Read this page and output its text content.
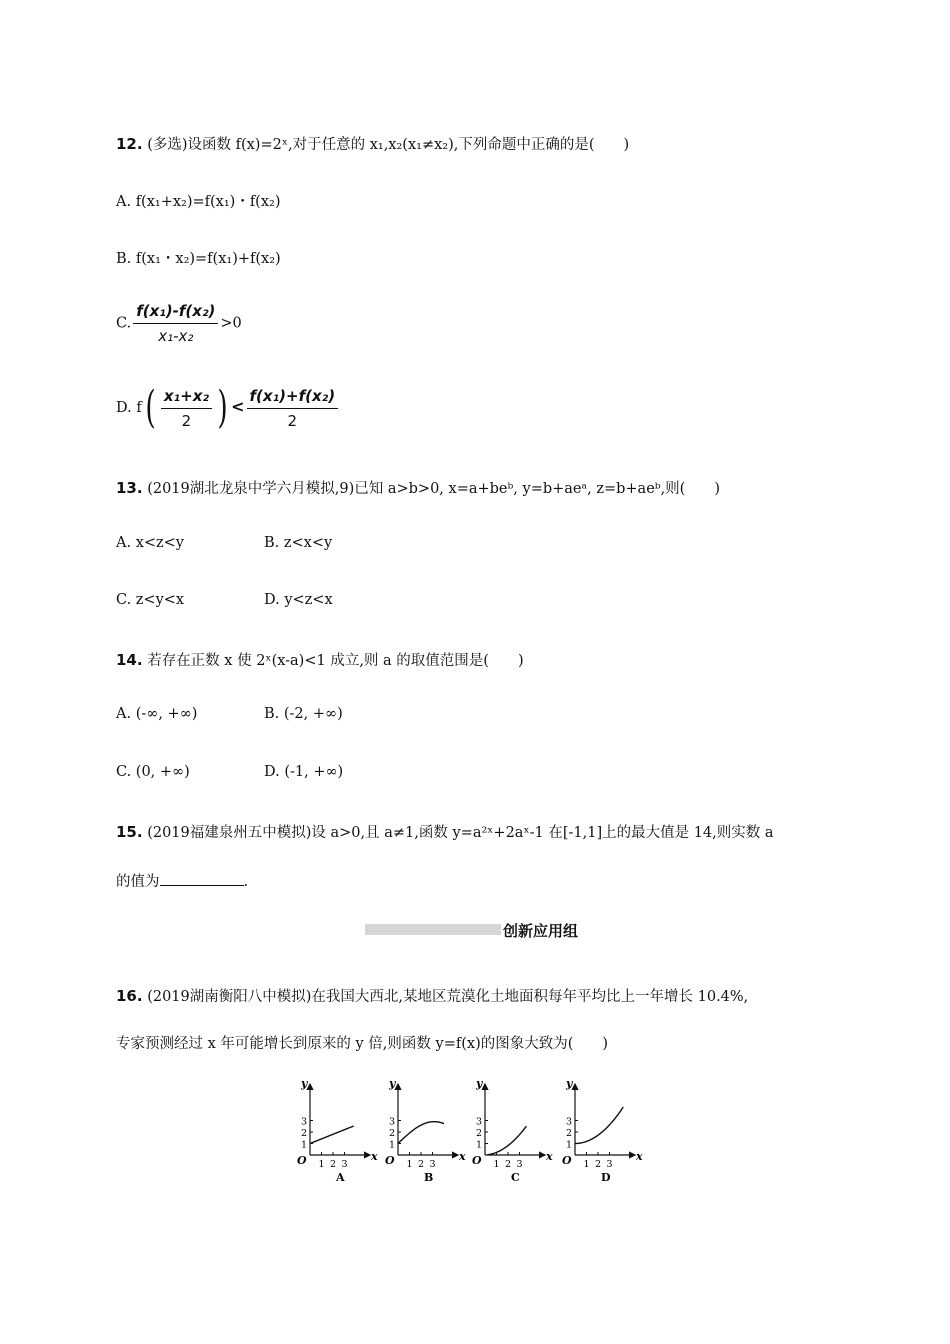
12. (多选)设函数 f(x)=2ˣ,对于任意的 x₁,x₂(x₁≠x₂),下列命题中正确的是(　　)
A. f(x₁+x₂)=f(x₁)・f(x₂)
B. f(x₁・x₂)=f(x₁)+f(x₂)
C. $\frac{\text{f(x₁)-f(x₂)}}{\text{x₁-x₂}} >0$
D. $f( \frac{\text{x₁+x₂}}{2}$ ) < $\frac{\text{f(x₁)+f(x₂)}}{2}$
13. (2019湖北龙泉中学六月模拟,9)已知 a>b>0, x=a+beᵇ, y=b+aeᵃ, z=b+aeᵇ,则(　　)
A. x<z<y	B. z<x<y
C. z<y<x	D. y<z<x
14. 若存在正数 x 使 2ˣ(x-a)<1 成立,则 a 的取值范围是(　　)
A. (-∞, +∞)	B. (-2, +∞)
C. (0, +∞)	D. (-1, +∞)
15. (2019福建泉州五中模拟)设 a>0,且 a≠1,函数 y=a²ˣ+2aˣ-1 在[-1,1]上的最大值是 14,则实数 a
的值为	.
创新应用组
16. (2019湖南衡阳八中模拟)在我国大西北,某地区荒漠化土地面积每年平均比上一年增长 10.4%,
专家预测经过 x 年可能增长到原来的 y 倍,则函数 y=f(x)的图象大致为(　　)
y
x
O
1
1
2
2
3
3
A
y
x
O
1
1
2
2
3
3
B
y
x
O
1
1
2
2
3
3
C
y
x
O
1
1
2
2
3
3
D
